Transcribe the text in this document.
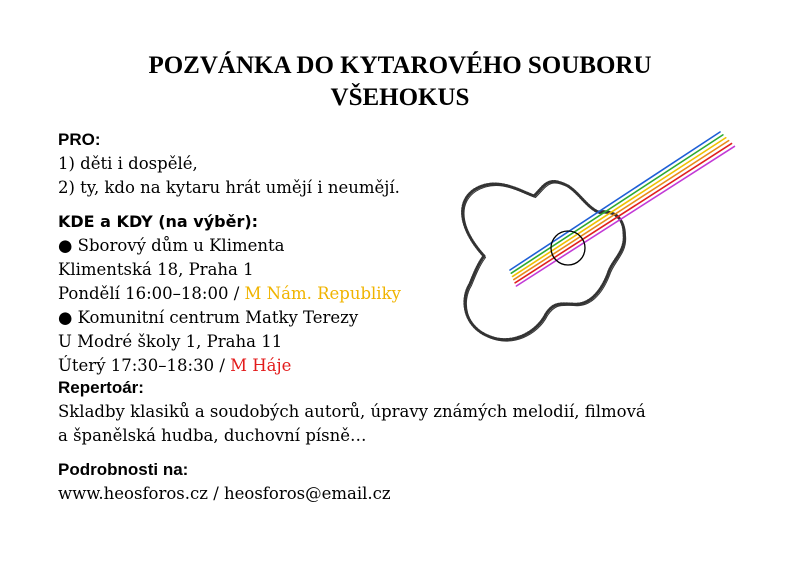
POZVÁNKA DO KYTAROVÉHO SOUBORU
VŠEHOKUS
PRO:
1) děti i dospělé,
2) ty, kdo na kytaru hrát umějí i neumějí.
KDE a KDY (na výběr):
● Sborový dům u Klimenta
Klimentská 18, Praha 1
Pondělí 16:00–18:00 / M Nám. Republiky
● Komunitní centrum Matky Terezy
U Modré školy 1, Praha 11
Úterý 17:30–18:30 / M Háje
Repertoár:
Skladby klasiků a soudobých autorů, úpravy známých melodií, filmová
a španělská hudba, duchovní písně…
Podrobnosti na:
www.heosforos.cz / heosforos@email.cz
